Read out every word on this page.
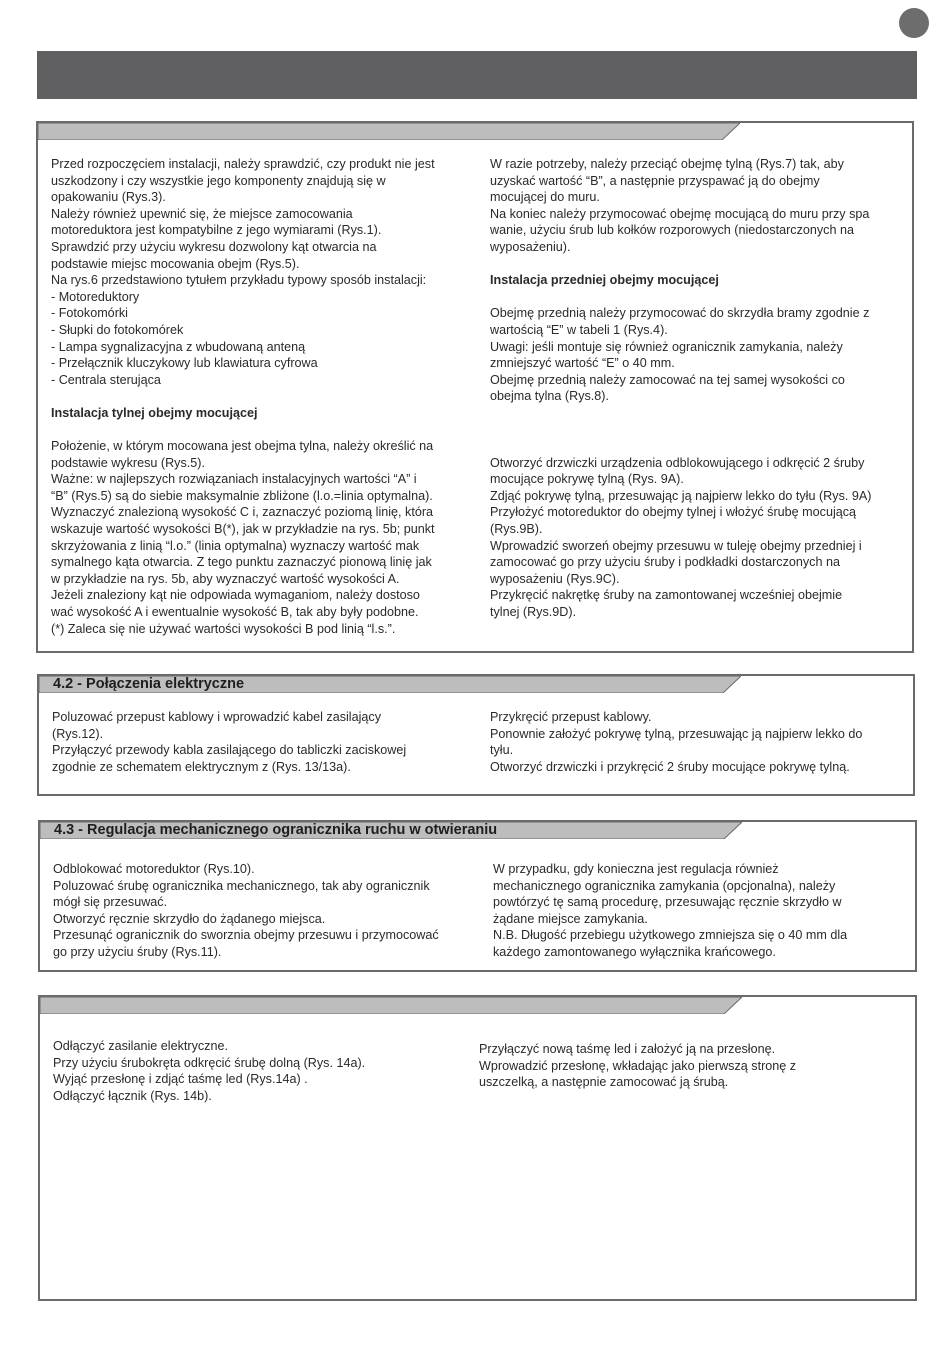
Przed rozpoczęciem instalacji, należy sprawdzić, czy produkt nie jest

uszkodzony i czy wszystkie jego komponenty znajdują się w

opakowaniu (Rys.3).

Należy również upewnić się, że miejsce zamocowania

motoreduktora jest kompatybilne z jego wymiarami (Rys.1).

Sprawdzić przy użyciu wykresu dozwolony kąt otwarcia na

podstawie miejsc mocowania obejm (Rys.5).

Na rys.6 przedstawiono tytułem przykładu typowy sposób instalacji:

- Motoreduktory

- Fotokomórki

- Słupki do fotokomórek

- Lampa sygnalizacyjna z wbudowaną anteną

- Przełącznik kluczykowy lub klawiatura cyfrowa

- Centrala sterująca

Instalacja tylnej obejmy mocującej

Położenie, w którym mocowana jest obejma tylna, należy określić na

podstawie wykresu (Rys.5).

Ważne: w najlepszych rozwiązaniach instalacyjnych wartości “A” i

“B” (Rys.5) są do siebie maksymalnie zbliżone (l.o.=linia optymalna).

Wyznaczyć znalezioną wysokość C i, zaznaczyć poziomą linię, która

wskazuje wartość wysokości B(*), jak w przykładzie na rys. 5b; punkt

skrzyżowania z linią “l.o.” (linia optymalna) wyznaczy wartość mak

symalnego kąta otwarcia. Z tego punktu zaznaczyć pionową linię jak

w przykładzie na rys. 5b, aby wyznaczyć wartość wysokości A.

Jeżeli znaleziony kąt nie odpowiada wymaganiom, należy dostoso

wać wysokość A i ewentualnie wysokość B, tak aby były podobne.

(*) Zaleca się nie używać wartości wysokości B pod linią “l.s.”.

W razie potrzeby, należy przeciąć obejmę tylną (Rys.7) tak, aby

uzyskać wartość “B”, a następnie przyspawać ją do obejmy

mocującej do muru.

Na koniec należy przymocować obejmę mocującą do muru przy spa

wanie, użyciu śrub lub kołków rozporowych (niedostarczonych na

wyposażeniu).

Instalacja przedniej obejmy mocującej

Obejmę przednią należy przymocować do skrzydła bramy zgodnie z

wartością “E” w tabeli 1 (Rys.4).

Uwagi: jeśli montuje się również ogranicznik zamykania, należy

zmniejszyć wartość “E” o 40 mm.

Obejmę przednią należy zamocować na tej samej wysokości co

obejma tylna (Rys.8).

Otworzyć drzwiczki urządzenia odblokowującego i odkręcić 2 śruby

mocujące pokrywę tylną (Rys. 9A).

Zdjąć pokrywę tylną, przesuwając ją najpierw lekko do tyłu (Rys. 9A)

Przyłożyć motoreduktor do obejmy tylnej i włożyć śrubę mocującą

(Rys.9B).

Wprowadzić sworzeń obejmy przesuwu w tuleję obejmy przedniej i

zamocować go przy użyciu śruby i podkładki dostarczonych na

wyposażeniu (Rys.9C).

Przykręcić nakrętkę śruby na zamontowanej wcześniej obejmie

tylnej (Rys.9D).

4.2 - Połączenia elektryczne

Poluzować przepust kablowy i wprowadzić kabel zasilający

(Rys.12).

Przyłączyć przewody kabla zasilającego do tabliczki zaciskowej

zgodnie ze schematem elektrycznym z (Rys. 13/13a).

Przykręcić przepust kablowy.

Ponownie założyć pokrywę tylną, przesuwając ją najpierw lekko do

tyłu.

Otworzyć drzwiczki i przykręcić 2 śruby mocujące pokrywę tylną.

4.3 - Regulacja mechanicznego ogranicznika ruchu w otwieraniu

Odblokować motoreduktor (Rys.10).

Poluzować śrubę ogranicznika mechanicznego, tak aby ogranicznik

mógł się przesuwać.

Otworzyć ręcznie skrzydło do żądanego miejsca.

Przesunąć ogranicznik do sworznia obejmy przesuwu i przymocować

go przy użyciu śruby (Rys.11).

W przypadku, gdy konieczna jest regulacja również

mechanicznego ogranicznika zamykania (opcjonalna), należy

powtórzyć tę samą procedurę, przesuwając ręcznie skrzydło w

żądane miejsce zamykania.

N.B. Długość przebiegu użytkowego zmniejsza się o 40 mm dla

każdego zamontowanego wyłącznika krańcowego.

Odłączyć zasilanie elektryczne.

Przy użyciu śrubokręta odkręcić śrubę dolną (Rys. 14a).

Wyjąć przesłonę i zdjąć taśmę led (Rys.14a) .

Odłączyć łącznik (Rys. 14b).

Przyłączyć nową taśmę led i założyć ją na przesłonę.

Wprowadzić przesłonę, wkładając jako pierwszą stronę z

uszczelką, a następnie zamocować ją śrubą.
